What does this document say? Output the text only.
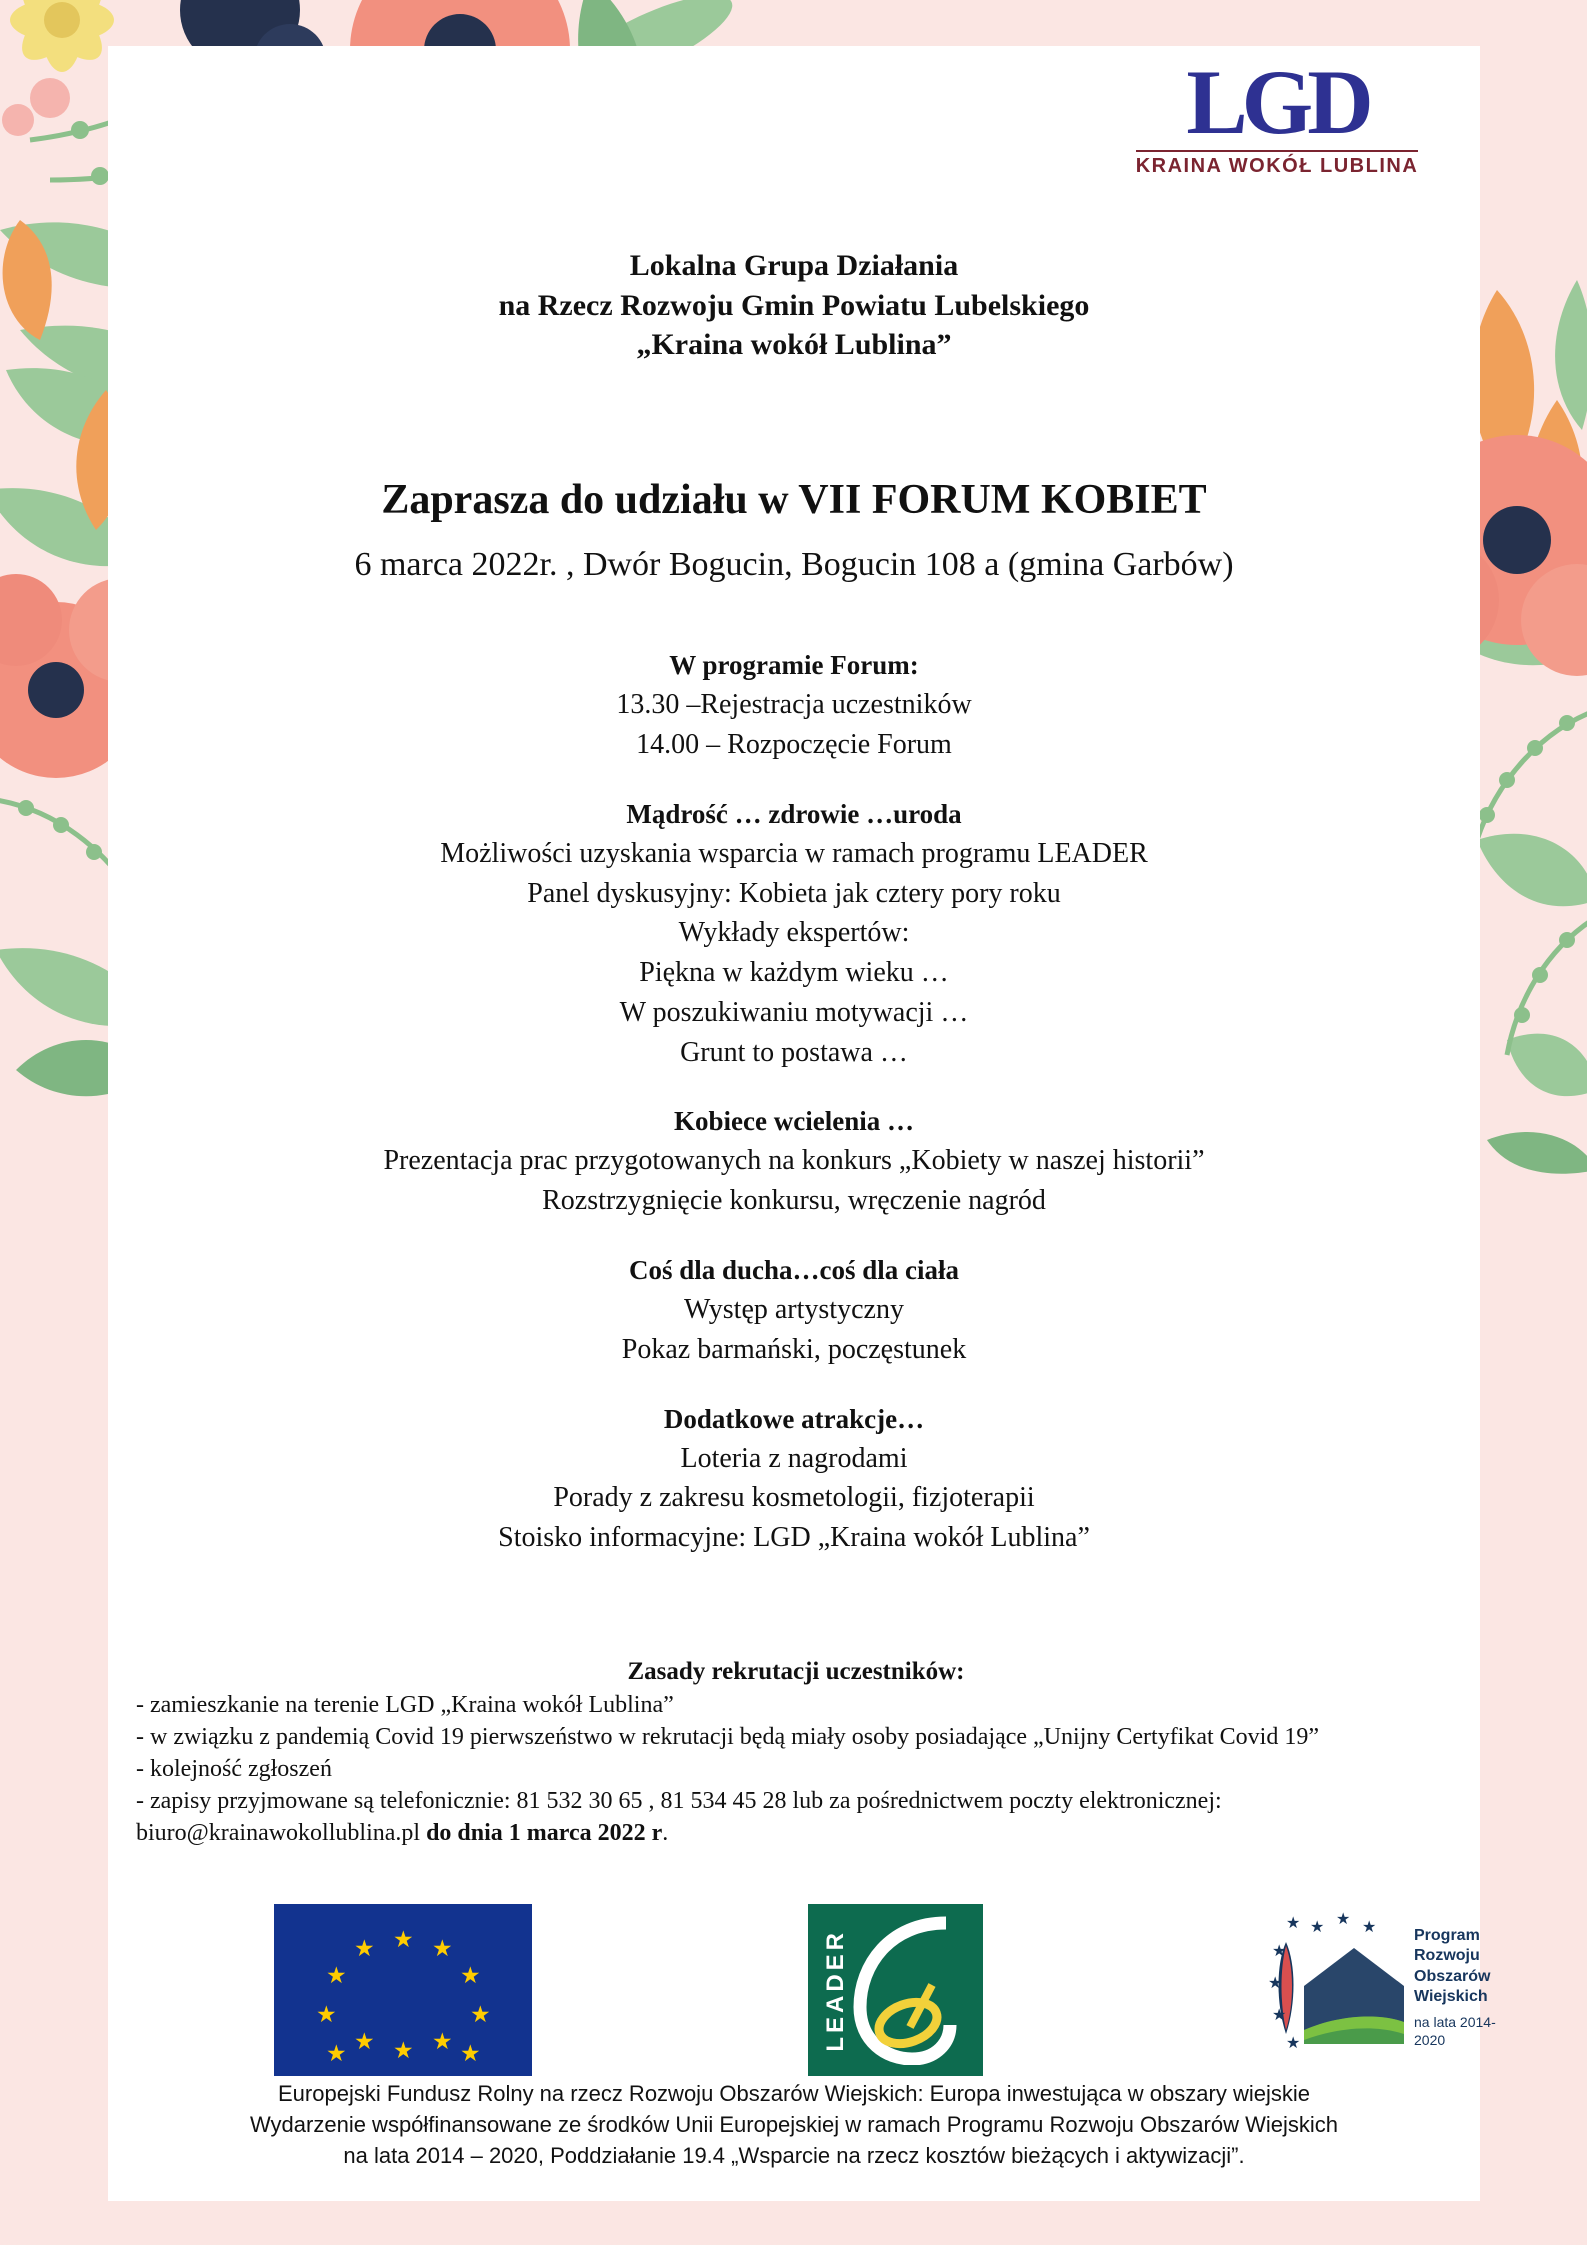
LGD
KRAINA WOKÓŁ LUBLINA
Lokalna Grupa Działania
na Rzecz Rozwoju Gmin Powiatu Lubelskiego
„Kraina wokół Lublina”
Zaprasza do udziału w VII FORUM KOBIET
6 marca 2022r. , Dwór Bogucin, Bogucin 108 a (gmina Garbów)
W programie Forum:
13.30 –Rejestracja uczestników
14.00 – Rozpoczęcie Forum
Mądrość … zdrowie …uroda
Możliwości uzyskania wsparcia w ramach programu LEADER
Panel dyskusyjny: Kobieta jak cztery pory roku
Wykłady ekspertów:
Piękna w każdym wieku …
W poszukiwaniu motywacji …
Grunt to postawa …
Kobiece wcielenia …
Prezentacja prac przygotowanych na konkurs „Kobiety w naszej historii”
Rozstrzygnięcie konkursu, wręczenie nagród
Coś dla ducha…coś dla ciała
Występ artystyczny
Pokaz barmański, poczęstunek
Dodatkowe atrakcje…
Loteria z nagrodami
Porady z zakresu kosmetologii, fizjoterapii
Stoisko informacyjne: LGD „Kraina wokół Lublina”
Zasady rekrutacji uczestników:
- zamieszkanie na terenie LGD „Kraina wokół Lublina”
- w związku z pandemią Covid 19 pierwszeństwo w rekrutacji będą miały osoby posiadające „Unijny Certyfikat Covid 19”
- kolejność zgłoszeń
- zapisy przyjmowane są telefonicznie: 81 532 30 65 , 81 534 45 28 lub za pośrednictwem poczty elektronicznej: biuro@krainawokollublina.pl do dnia 1 marca 2022 r.
★ ★
★
★
★
★
★
★
★
★
★
★	LEADER
★ ★ ★
★
★
★
★
★
Program
Rozwoju
Obszarów
Wiejskich
na lata 2014-2020
Europejski Fundusz Rolny na rzecz Rozwoju Obszarów Wiejskich: Europa inwestująca w obszary wiejskie
Wydarzenie współfinansowane ze środków Unii Europejskiej w ramach Programu Rozwoju Obszarów Wiejskich
na lata 2014 – 2020, Poddziałanie 19.4 „Wsparcie na rzecz kosztów bieżących i aktywizacji”.
